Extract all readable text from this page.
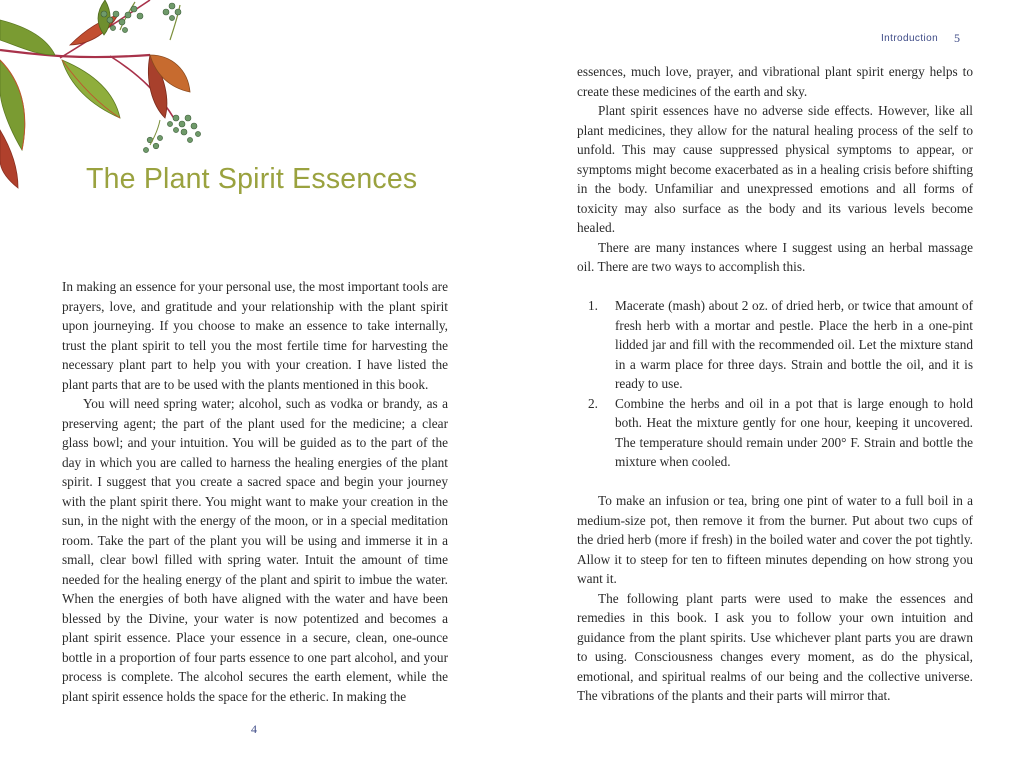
The Plant Spirit Essences

In making an essence for your personal use, the most important tools are prayers, love, and gratitude and your relationship with the plant spirit upon journeying. If you choose to make an essence to take internally, trust the plant spirit to tell you the most fertile time for harvesting the necessary plant part to help you with your creation. I have listed the plant parts that are to be used with the plants mentioned in this book.

You will need spring water; alcohol, such as vodka or brandy, as a preserving agent; the part of the plant used for the medicine; a clear glass bowl; and your intuition. You will be guided as to the part of the day in which you are called to harness the healing energies of the plant spirit. I suggest that you create a sacred space and begin your journey with the plant spirit there. You might want to make your creation in the sun, in the night with the energy of the moon, or in a special meditation room. Take the part of the plant you will be using and immerse it in a small, clear bowl filled with spring water. Intuit the amount of time needed for the healing energy of the plant and spirit to imbue the water. When the energies of both have aligned with the water and have been blessed by the Divine, your water is now potentized and becomes a plant spirit essence. Place your essence in a secure, clean, one-ounce bottle in a proportion of four parts essence to one part alcohol, and your process is complete. The alcohol secures the earth element, while the plant spirit essence holds the space for the etheric. In making the

4
Introduction 5

essences, much love, prayer, and vibrational plant spirit energy helps to create these medicines of the earth and sky.

Plant spirit essences have no adverse side effects. However, like all plant medicines, they allow for the natural healing process of the self to unfold. This may cause suppressed physical symptoms to appear, or symptoms might become exacerbated as in a healing crisis before shifting in the body. Unfamiliar and unexpressed emotions and all forms of toxicity may also surface as the body and its various levels become healed.

There are many instances where I suggest using an herbal massage oil. There are two ways to accomplish this.

1. Macerate (mash) about 2 oz. of dried herb, or twice that amount of fresh herb with a mortar and pestle. Place the herb in a one-pint lidded jar and fill with the recommended oil. Let the mixture stand in a warm place for three days. Strain and bottle the oil, and it is ready to use.
2. Combine the herbs and oil in a pot that is large enough to hold both. Heat the mixture gently for one hour, keeping it uncovered. The temperature should remain under 200° F. Strain and bottle the mixture when cooled.

To make an infusion or tea, bring one pint of water to a full boil in a medium-size pot, then remove it from the burner. Put about two cups of the dried herb (more if fresh) in the boiled water and cover the pot tightly. Allow it to steep for ten to fifteen minutes depending on how strong you want it.

The following plant parts were used to make the essences and remedies in this book. I ask you to follow your own intuition and guidance from the plant spirits. Use whichever plant parts you are drawn to using. Consciousness changes every moment, as do the physical, emotional, and spiritual realms of our being and the collective universe. The vibrations of the plants and their parts will mirror that.
